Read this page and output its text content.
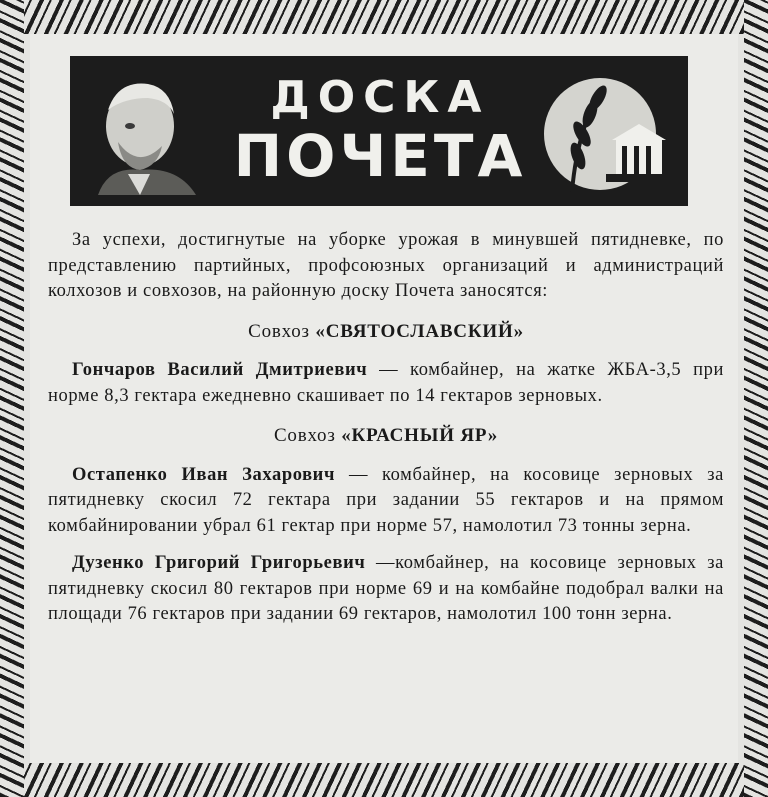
ДОСКА
ПОЧЕТА

За успехи, достигнутые на уборке урожая в минувшей пятидневке, по представлению партийных, профсоюзных организаций и администраций колхозов и совхозов, на районную доску Почета заносятся:

Совхоз «СВЯТОСЛАВСКИЙ»

Гончаров Василий Дмитриевич — комбайнер, на жатке ЖБА-3,5 при норме 8,3 гектара ежедневно скашивает по 14 гектаров зерновых.

Совхоз «КРАСНЫЙ ЯР»

Остапенко Иван Захарович — комбайнер, на косовице зерновых за пятидневку скосил 72 гектара при задании 55 гектаров и на прямом комбайнировании убрал 61 гектар при норме 57, намолотил 73 тонны зерна.

Дузенко Григорий Григорьевич —комбайнер, на косовице зерновых за пятидневку скосил 80 гектаров при норме 69 и на комбайне подобрал валки на площади 76 гектаров при задании 69 гектаров, намолотил 100 тонн зерна.
